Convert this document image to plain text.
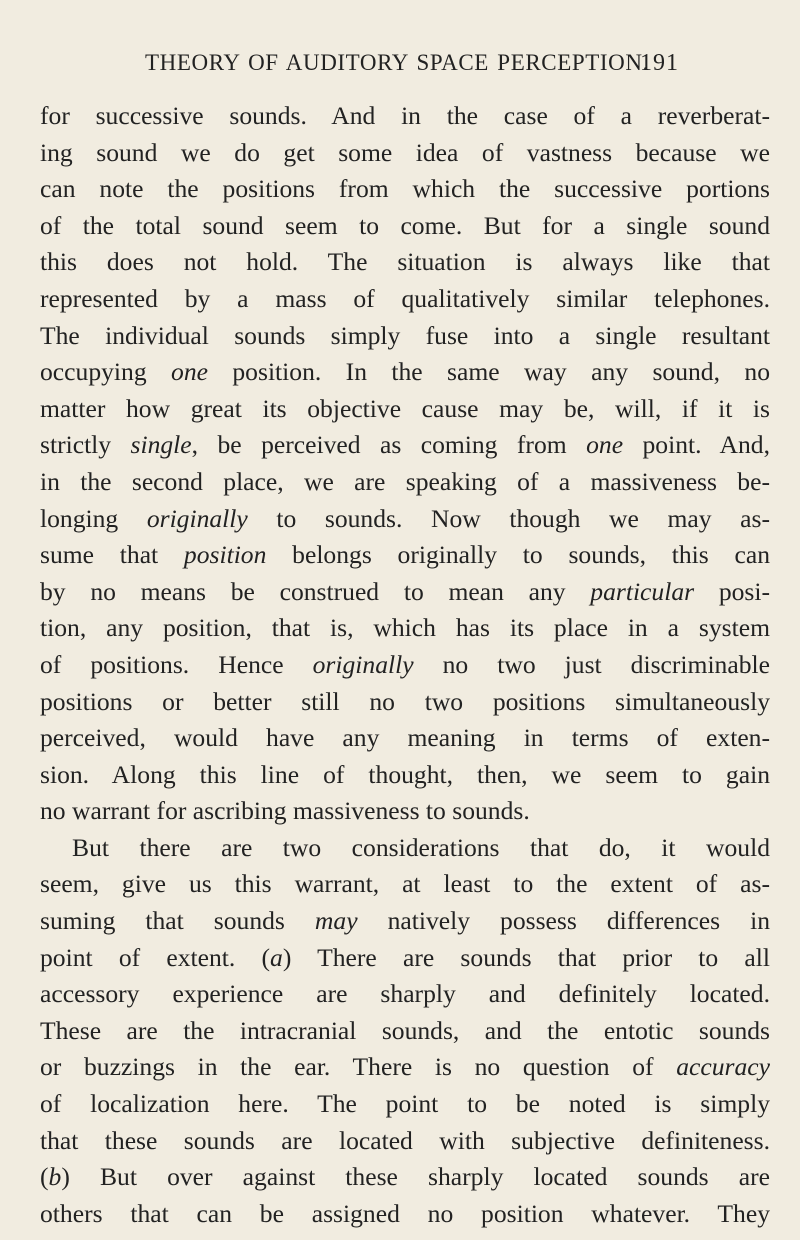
THEORY OF AUDITORY SPACE PERCEPTION.
191
for successive sounds. And in the case of a reverberat-
ing sound we do get some idea of vastness because we
can note the positions from which the successive portions
of the total sound seem to come. But for a single sound
this does not hold. The situation is always like that
represented by a mass of qualitatively similar telephones.
The individual sounds simply fuse into a single resultant
occupying one position. In the same way any sound, no
matter how great its objective cause may be, will, if it is
strictly single, be perceived as coming from one point. And,
in the second place, we are speaking of a massiveness be-
longing originally to sounds. Now though we may as-
sume that position belongs originally to sounds, this can
by no means be construed to mean any particular posi-
tion, any position, that is, which has its place in a system
of positions. Hence originally no two just discriminable
positions or better still no two positions simultaneously
perceived, would have any meaning in terms of exten-
sion. Along this line of thought, then, we seem to gain
no warrant for ascribing massiveness to sounds.
But there are two considerations that do, it would
seem, give us this warrant, at least to the extent of as-
suming that sounds may natively possess differences in
point of extent. (a) There are sounds that prior to all
accessory experience are sharply and definitely located.
These are the intracranial sounds, and the entotic sounds
or buzzings in the ear. There is no question of accuracy
of localization here. The point to be noted is simply
that these sounds are located with subjective definiteness.
(b) But over against these sharply located sounds are
others that can be assigned no position whatever. They
